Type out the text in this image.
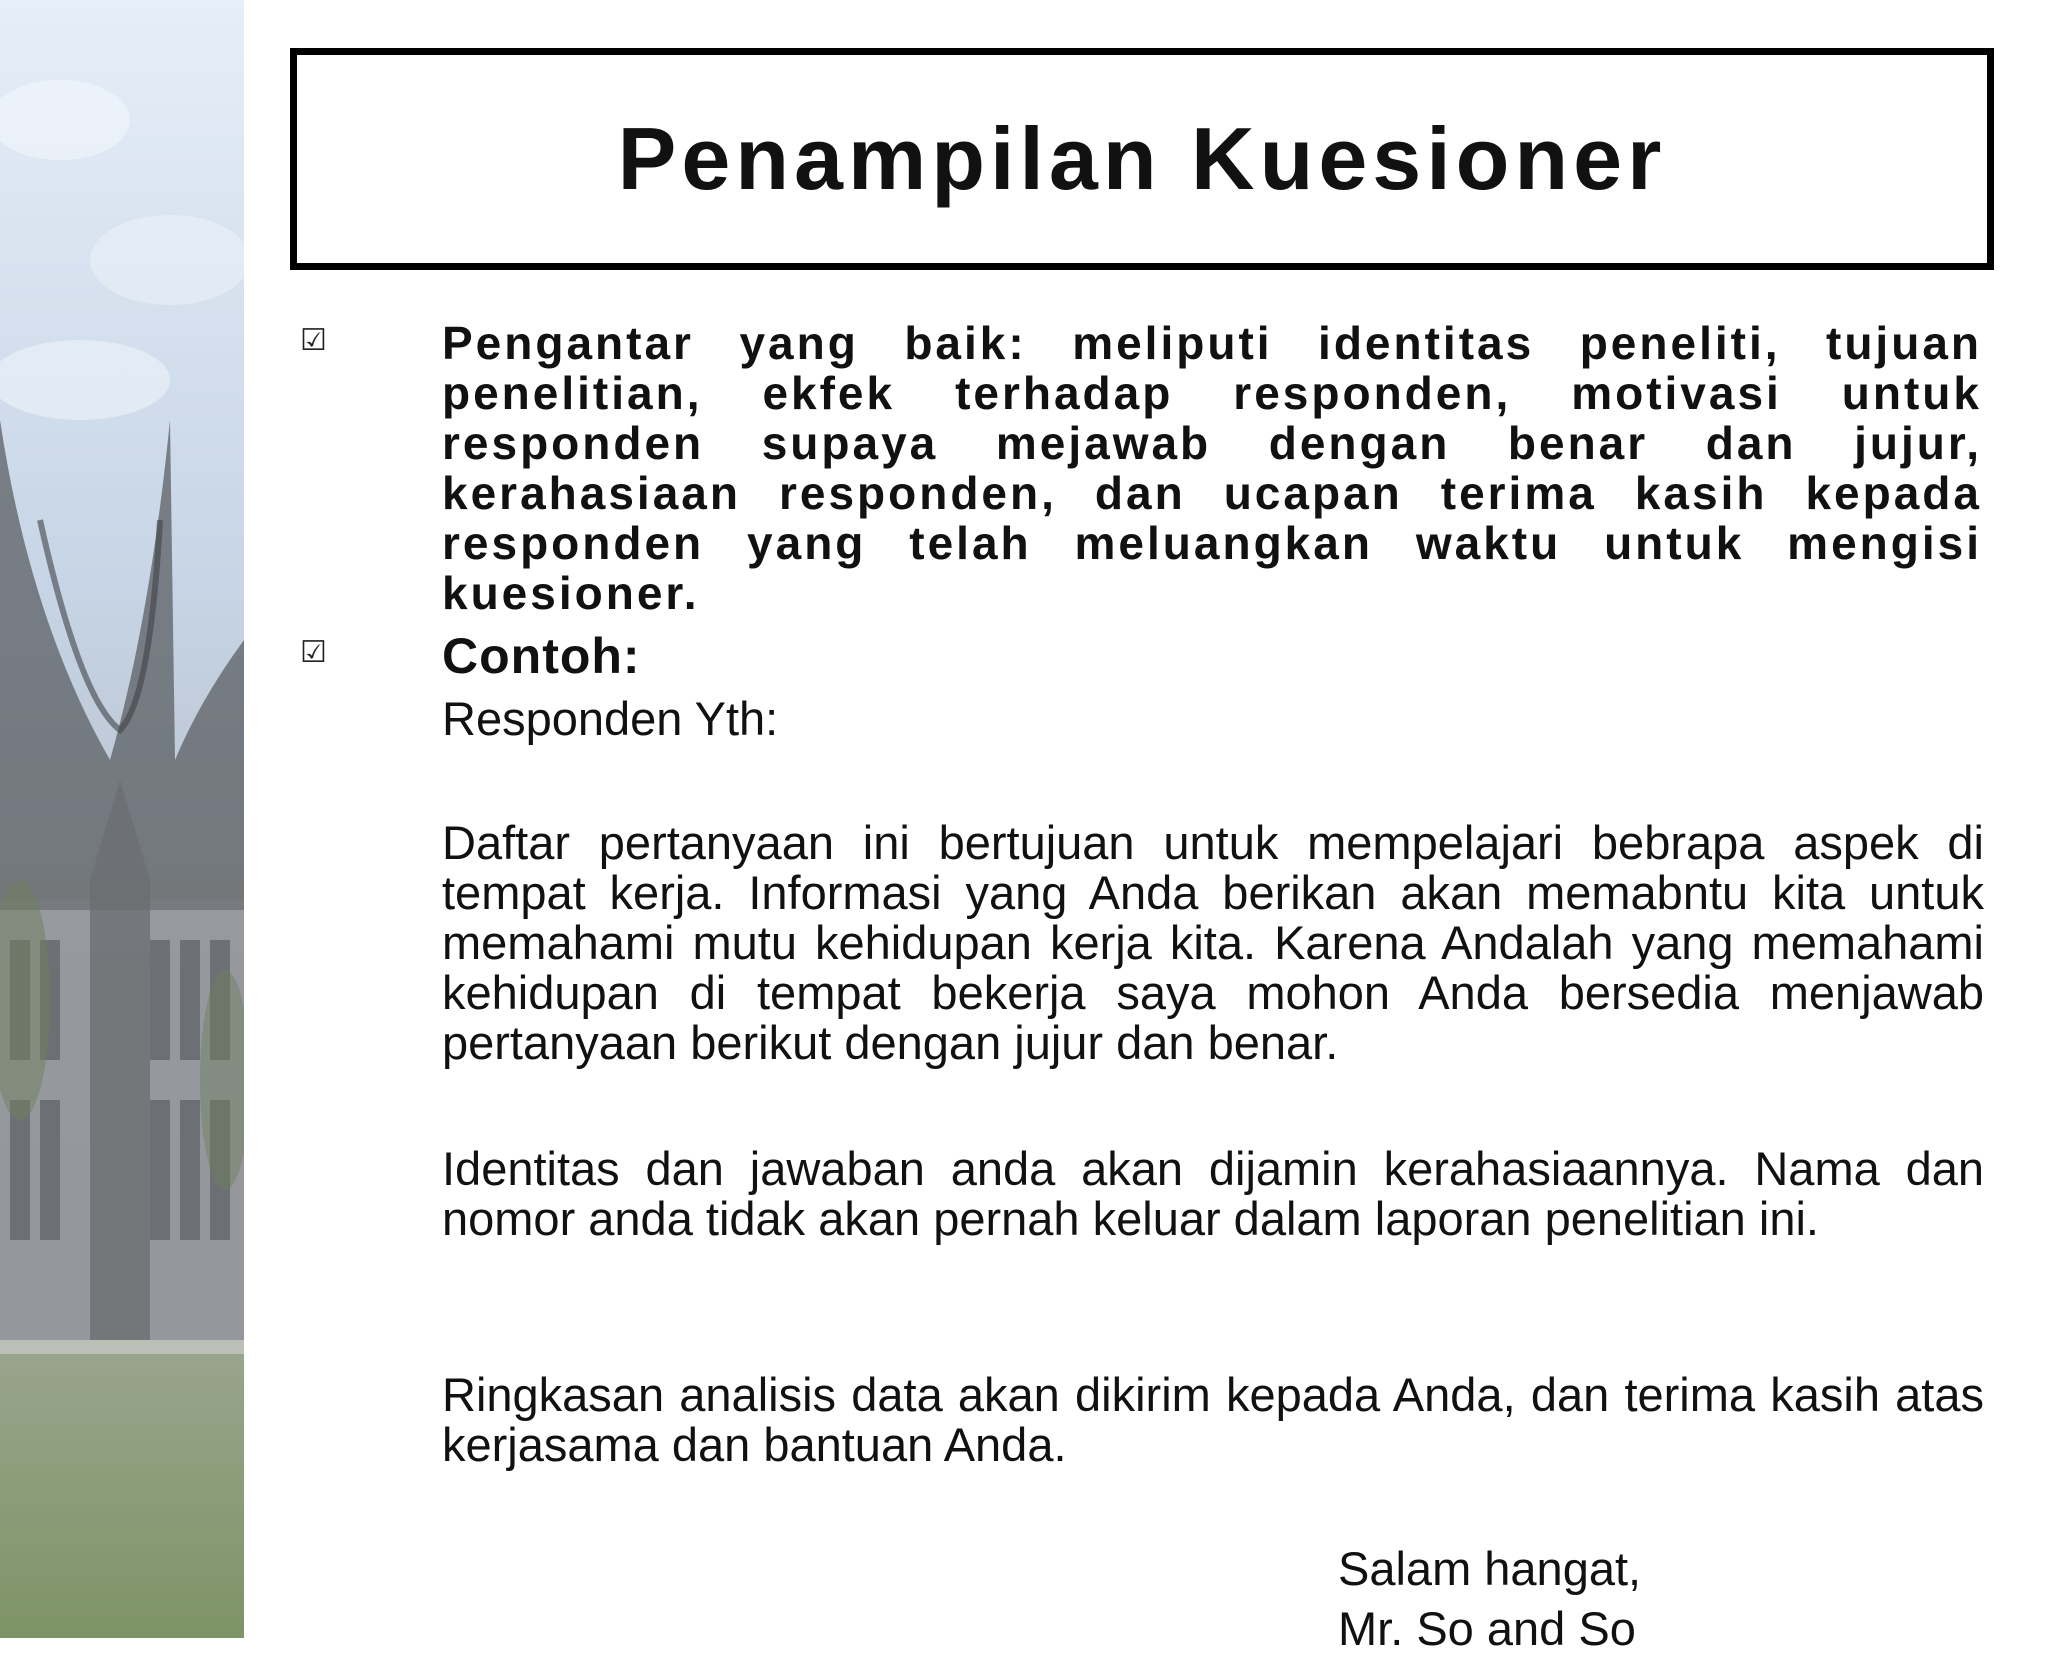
Penampilan Kuesioner
☑	Pengantar yang baik: meliputi identitas peneliti, tujuan penelitian, ekfek terhadap responden, motivasi untuk responden supaya mejawab dengan benar dan jujur, kerahasiaan responden, dan ucapan terima kasih kepada responden yang telah meluangkan waktu untuk mengisi kuesioner.
☑ Contoh:
Responden Yth:
Daftar pertanyaan ini bertujuan untuk mempelajari bebrapa aspek di tempat kerja. Informasi yang Anda berikan akan memabntu kita untuk memahami mutu kehidupan kerja kita. Karena Andalah yang memahami kehidupan di tempat bekerja saya mohon Anda bersedia menjawab pertanyaan berikut dengan jujur dan benar.
Identitas dan jawaban anda akan dijamin kerahasiaannya. Nama dan nomor anda tidak akan pernah keluar dalam laporan penelitian ini.
Ringkasan analisis data akan dikirim kepada Anda, dan terima kasih atas kerjasama dan bantuan Anda.
Salam hangat,
Mr. So and So
